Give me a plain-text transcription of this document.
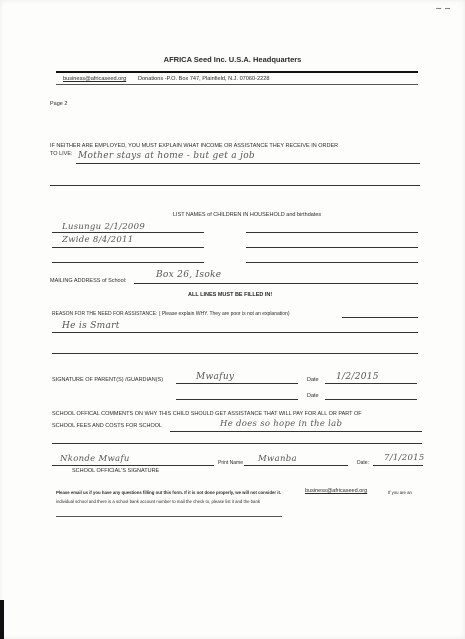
∼ ∼
AFRICA Seed Inc. U.S.A. Headquarters
business@africaseed.org Donations -P.O. Box 747, Plainfield, N.J. 07060-2228
Page 2
IF NEITHER ARE EMPLOYED, YOU MUST EXPLAIN WHAT INCOME OR ASSISTANCE THEY RECEIVE IN ORDER
TO LIVE: Mother stays at home - but get a job
LIST NAMES of CHILDREN IN HOUSEHOLD and birthdates
Lusungu 2/1/2009
Zwide 8/4/2011
MAILING ADDRESS of School:
Box 26, Isoke
ALL LINES MUST BE FILLED IN!
REASON FOR THE NEED FOR ASSISTANCE: ( Please explain WHY. They are poor is not an explanation)
He is Smart
SIGNATURE OF PARENT(S) /GUARDIAN(S)	Mwafuy	Date 1/2/2015
Date
SCHOOL OFFICAL COMMENTS ON WHY THIS CHILD SHOULD GET ASSISTANCE THAT WILL PAY FOR ALL OR PART OF
SCHOOL FEES AND COSTS FOR SCHOOL	He does so hope in the lab
Nkonde Mwafu	Print Name Mwanba	Date: 7/1/2015
SCHOOL OFFICIAL'S SIGNATURE
Please email us if you have any questions filling out this form. If it is not done properly, we will not consider it.	business@africaseed.org	If you are an
individual school and there is a school bank account number to mail the check to, please list it and the bank
